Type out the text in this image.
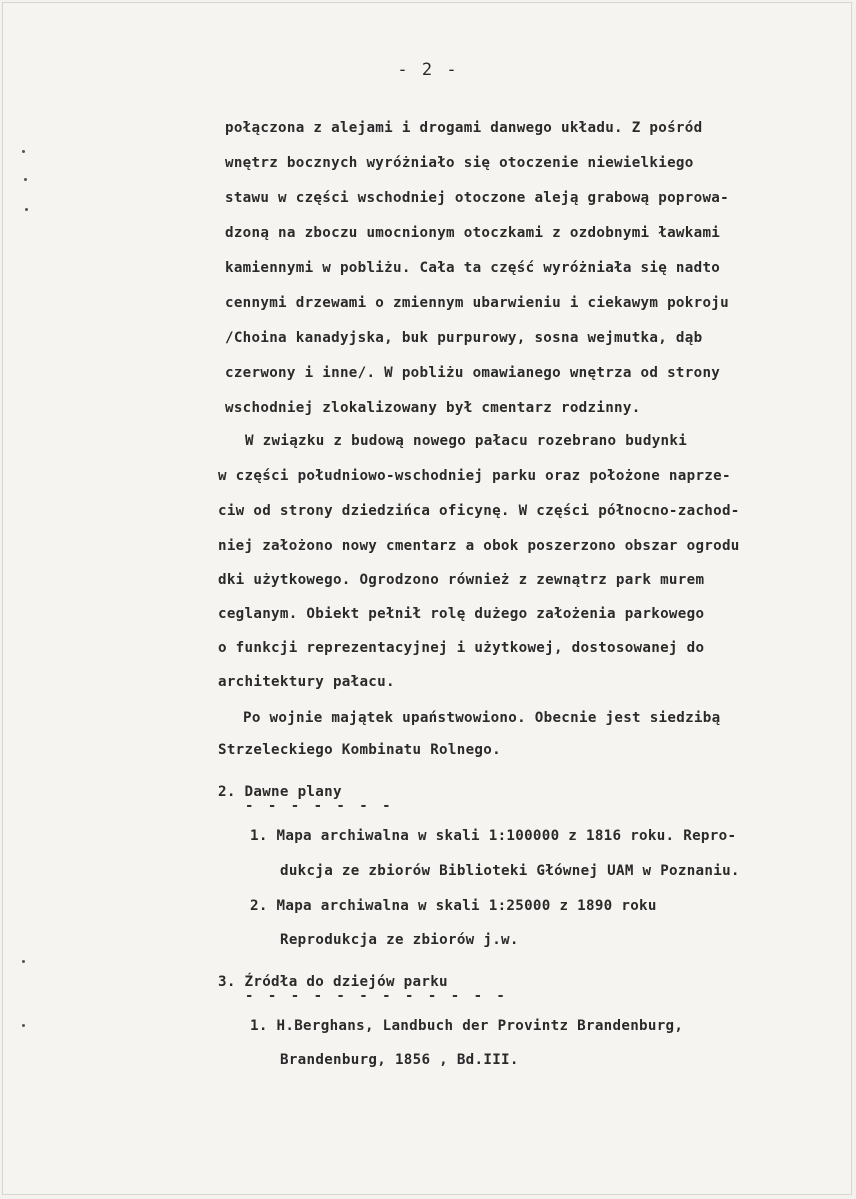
- 2 -
połączona z alejami i drogami danwego układu. Z pośród
wnętrz bocznych wyróżniało się otoczenie niewielkiego
stawu w części wschodniej otoczone aleją grabową poprowa-
dzoną na zboczu umocnionym otoczkami z ozdobnymi ławkami
kamiennymi w pobliżu. Cała ta część wyróżniała się nadto
cennymi drzewami o zmiennym ubarwieniu i ciekawym pokroju
/Choina kanadyjska, buk purpurowy, sosna wejmutka, dąb
czerwony i inne/. W pobliżu omawianego wnętrza od strony
wschodniej zlokalizowany był cmentarz rodzinny.
W związku z budową nowego pałacu rozebrano budynki
w części południowo-wschodniej parku oraz położone naprze-
ciw od strony dziedzińca oficynę. W części północno-zachod-
niej założono nowy cmentarz a obok poszerzono obszar ogrodu
dki użytkowego. Ogrodzono również z zewnątrz park murem
ceglanym. Obiekt pełnił rolę dużego założenia parkowego
o funkcji reprezentacyjnej i użytkowej, dostosowanej do
architektury pałacu.
Po wojnie majątek upaństwowiono. Obecnie jest siedzibą
Strzeleckiego Kombinatu Rolnego.
2. Dawne plany
- - - - - - -
1. Mapa archiwalna w skali 1:100000 z 1816 roku. Repro-
dukcja ze zbiorów Biblioteki Głównej UAM w Poznaniu.
2. Mapa archiwalna w skali 1:25000 z 1890 roku
Reprodukcja ze zbiorów j.w.
3. Źródła do dziejów parku
- - - - - - - - - - - -
1. H.Berghans, Landbuch der Provintz Brandenburg,
Brandenburg, 1856 , Bd.III.
